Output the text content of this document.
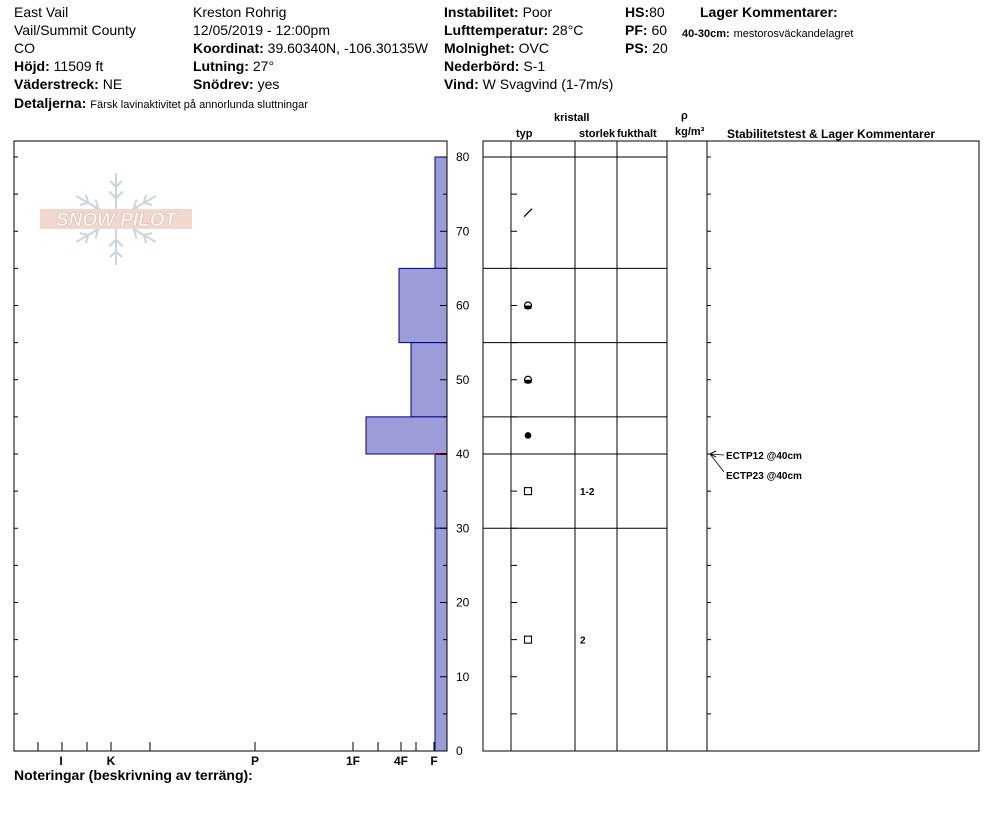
East Vail
Vail/Summit County
CO
Höjd: 11509 ft
Väderstreck: NE
Detaljerna: Färsk lavinaktivitet på annorlunda sluttningar
Kreston Rohrig
12/05/2019 - 12:00pm
Koordinat: 39.60340N, -106.30135W
Lutning: 27°
Snödrev: yes
Instabilitet: Poor
Lufttemperatur: 28°C
Molnighet: OVC
Nederbörd: S-1
Vind: W Svagvind (1-7m/s)
HS:80
PF: 60
PS: 20
Lager Kommentarer:
40-30cm: mestorosväckandelagret
kristall
typ	storlek fukthalt
ρ
kg/m³ Stabilitetstest & Lager Kommentarer
Noteringar (beskrivning av terräng):
SNOW PILOT
0
10
20
30
40
50
60
70
80
I	K	P	1F	4F F
1-2
2
ECTP12 @40cm
ECTP23 @40cm
